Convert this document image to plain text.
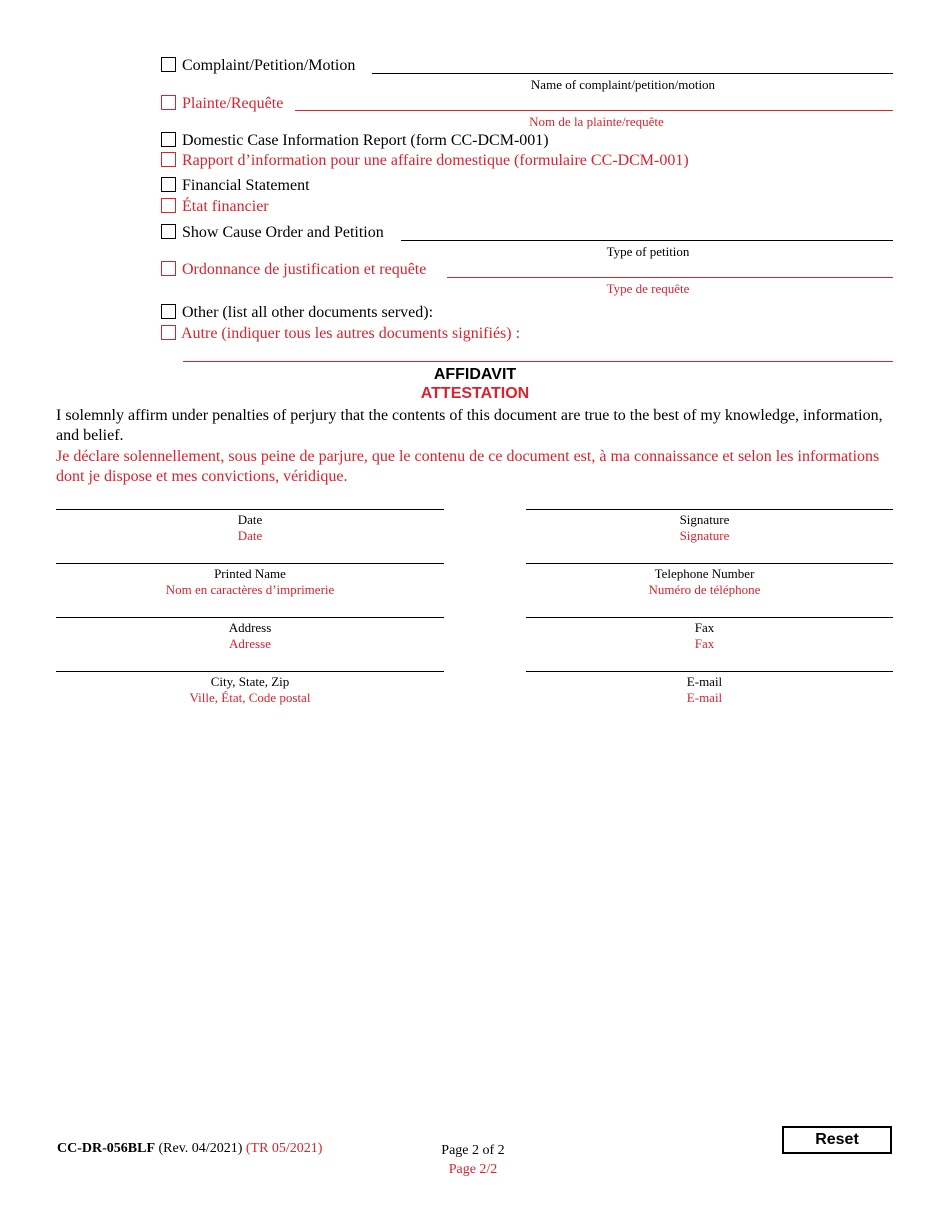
Complaint/Petition/Motion
Name of complaint/petition/motion
Plainte/Requête
Nom de la plainte/requête
Domestic Case Information Report (form CC-DCM-001)
Rapport d’information pour une affaire domestique (formulaire CC-DCM-001)
Financial Statement
État financier
Show Cause Order and Petition
Type of petition
Ordonnance de justification et requête
Type de requête
Other (list all other documents served):
Autre (indiquer tous les autres documents signifiés) :
AFFIDAVIT
ATTESTATION
I solemnly affirm under penalties of perjury that the contents of this document are true to the best of my knowledge, information, and belief.
Je déclare solennellement, sous peine de parjure, que le contenu de ce document est, à ma connaissance et selon les informations dont je dispose et mes convictions, véridique.
Date
Date
Printed Name
Nom en caractères d’imprimerie
Address
Adresse
City, State, Zip
Ville, État, Code postal
Signature
Signature
Telephone Number
Numéro de téléphone
Fax
Fax
E-mail
E-mail
CC-DR-056BLF (Rev. 04/2021) (TR 05/2021)	Page 2 of 2
Page 2/2
Reset
